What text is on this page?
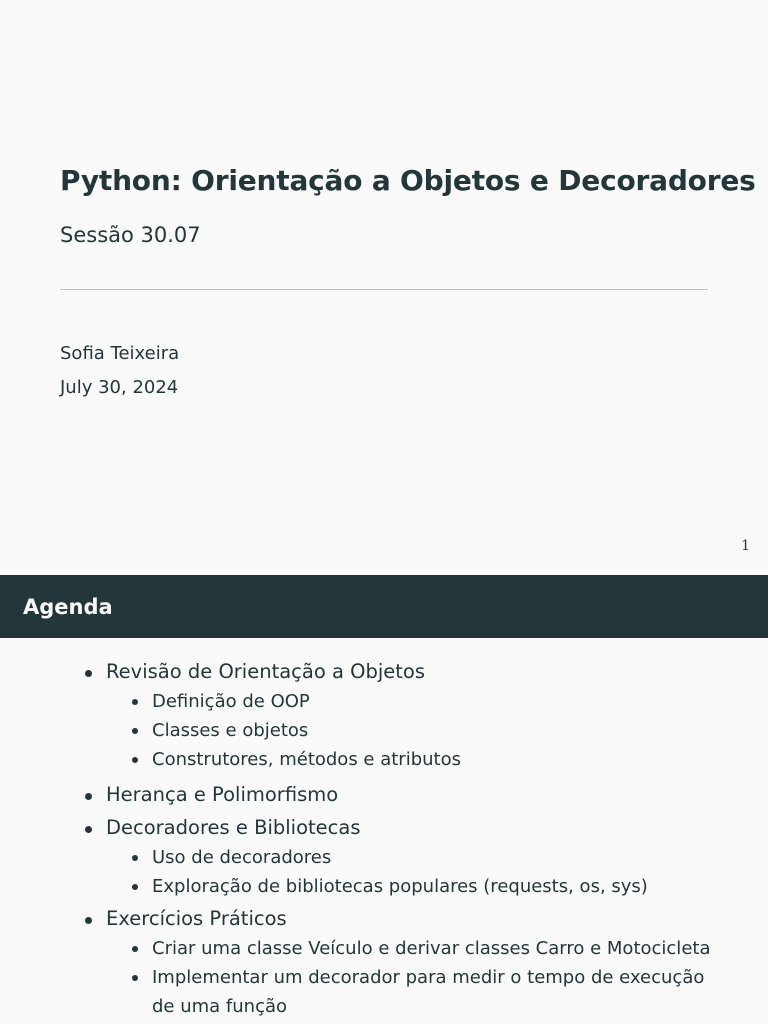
Python: Orientação a Objetos e Decoradores
Sessão 30.07
Sofia Teixeira
July 30, 2024
1
Agenda
Revisão de Orientação a Objetos
Definição de OOP
Classes e objetos
Construtores, métodos e atributos
Herança e Polimorfismo
Decoradores e Bibliotecas
Uso de decoradores
Exploração de bibliotecas populares (requests, os, sys)
Exercícios Práticos
Criar uma classe Veículo e derivar classes Carro e Motocicleta
Implementar um decorador para medir o tempo de execução de uma função
